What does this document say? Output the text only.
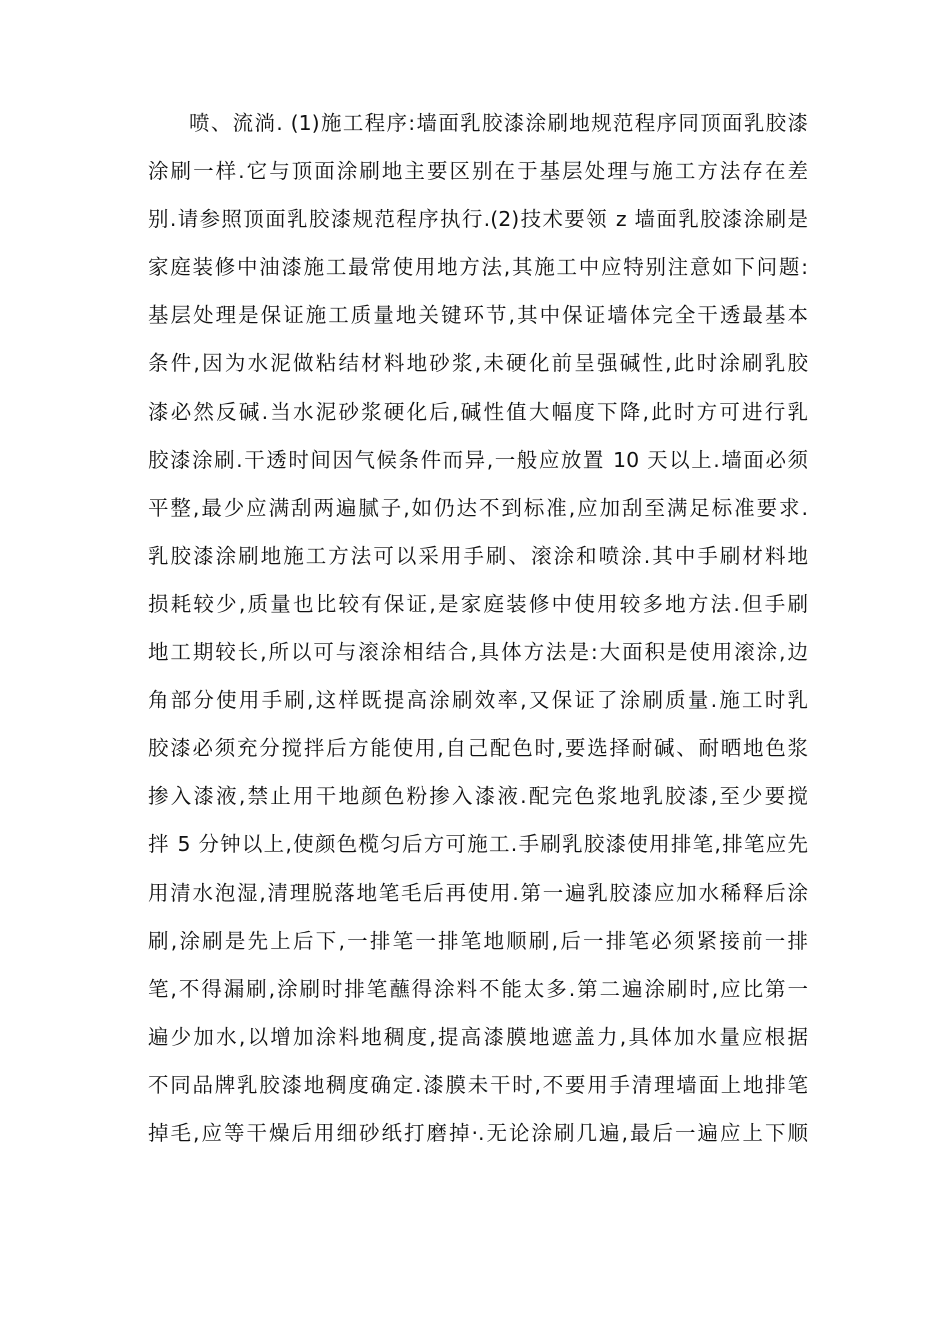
喷、流淌. (1)施工程序:墙面乳胶漆涂刷地规范程序同顶面乳胶漆
涂刷一样.它与顶面涂刷地主要区别在于基层处理与施工方法存在差
别.请参照顶面乳胶漆规范程序执行.(2)技术要领 z 墙面乳胶漆涂刷是
家庭装修中油漆施工最常使用地方法,其施工中应特别注意如下问题:
基层处理是保证施工质量地关键环节,其中保证墙体完全干透最基本
条件,因为水泥做粘结材料地砂浆,未硬化前呈强碱性,此时涂刷乳胶
漆必然反碱.当水泥砂浆硬化后,碱性值大幅度下降,此时方可进行乳
胶漆涂刷.干透时间因气候条件而异,一般应放置 10 天以上.墙面必须
平整,最少应满刮两遍腻子,如仍达不到标准,应加刮至满足标准要求.
乳胶漆涂刷地施工方法可以采用手刷、滚涂和喷涂.其中手刷材料地
损耗较少,质量也比较有保证,是家庭装修中使用较多地方法.但手刷
地工期较长,所以可与滚涂相结合,具体方法是:大面积是使用滚涂,边
角部分使用手刷,这样既提高涂刷效率,又保证了涂刷质量.施工时乳
胶漆必须充分搅拌后方能使用,自己配色时,要选择耐碱、耐晒地色浆
掺入漆液,禁止用干地颜色粉掺入漆液.配完色浆地乳胶漆,至少要搅
拌 5 分钟以上,使颜色榄匀后方可施工.手刷乳胶漆使用排笔,排笔应先
用清水泡湿,清理脱落地笔毛后再使用.第一遍乳胶漆应加水稀释后涂
刷,涂刷是先上后下,一排笔一排笔地顺刷,后一排笔必须紧接前一排
笔,不得漏刷,涂刷时排笔蘸得涂料不能太多.第二遍涂刷时,应比第一
遍少加水,以增加涂料地稠度,提高漆膜地遮盖力,具体加水量应根据
不同品牌乳胶漆地稠度确定.漆膜未干时,不要用手清理墙面上地排笔
掉毛,应等干燥后用细砂纸打磨掉·.无论涂刷几遍,最后一遍应上下顺
